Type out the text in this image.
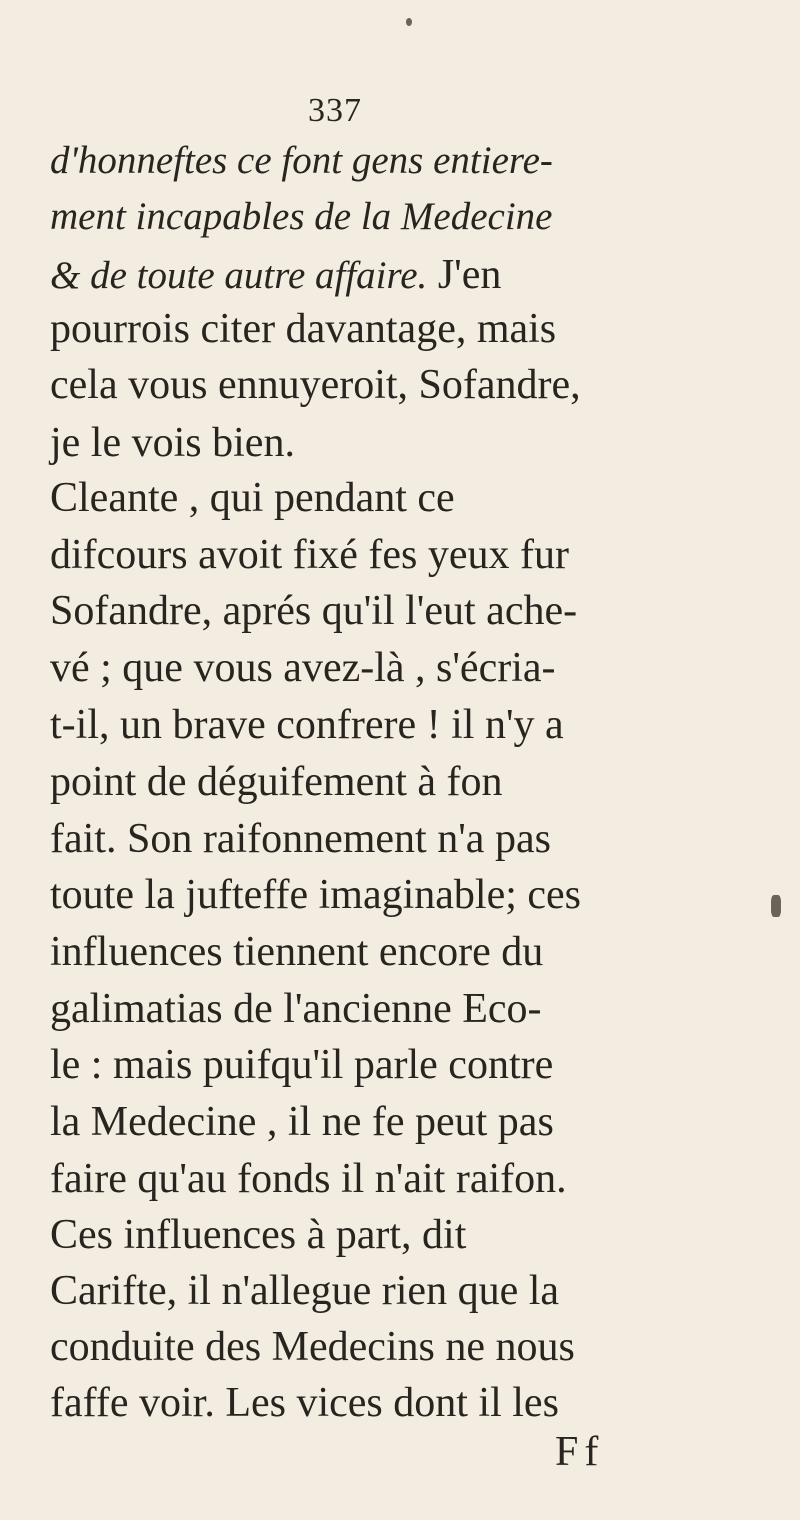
337
d'honneftes ce font gens entiere-
ment incapables de la Medecine
& de toute autre affaire. J'en
pourrois citer davantage, mais
cela vous ennuyeroit, Sofandre,
je le vois bien.
Cleante , qui pendant ce
difcours avoit fixé fes yeux fur
Sofandre, aprés qu'il l'eut ache-
vé ; que vous avez-là , s'écria-
t-il, un brave confrere ! il n'y a
point de déguifement à fon
fait. Son raifonnement n'a pas
toute la jufteffe imaginable; ces
influences tiennent encore du
galimatias de l'ancienne Eco-
le : mais puifqu'il parle contre
la Medecine , il ne fe peut pas
faire qu'au fonds il n'ait raifon.
Ces influences à part, dit
Carifte, il n'allegue rien que la
conduite des Medecins ne nous
faffe voir. Les vices dont il les
Ff
